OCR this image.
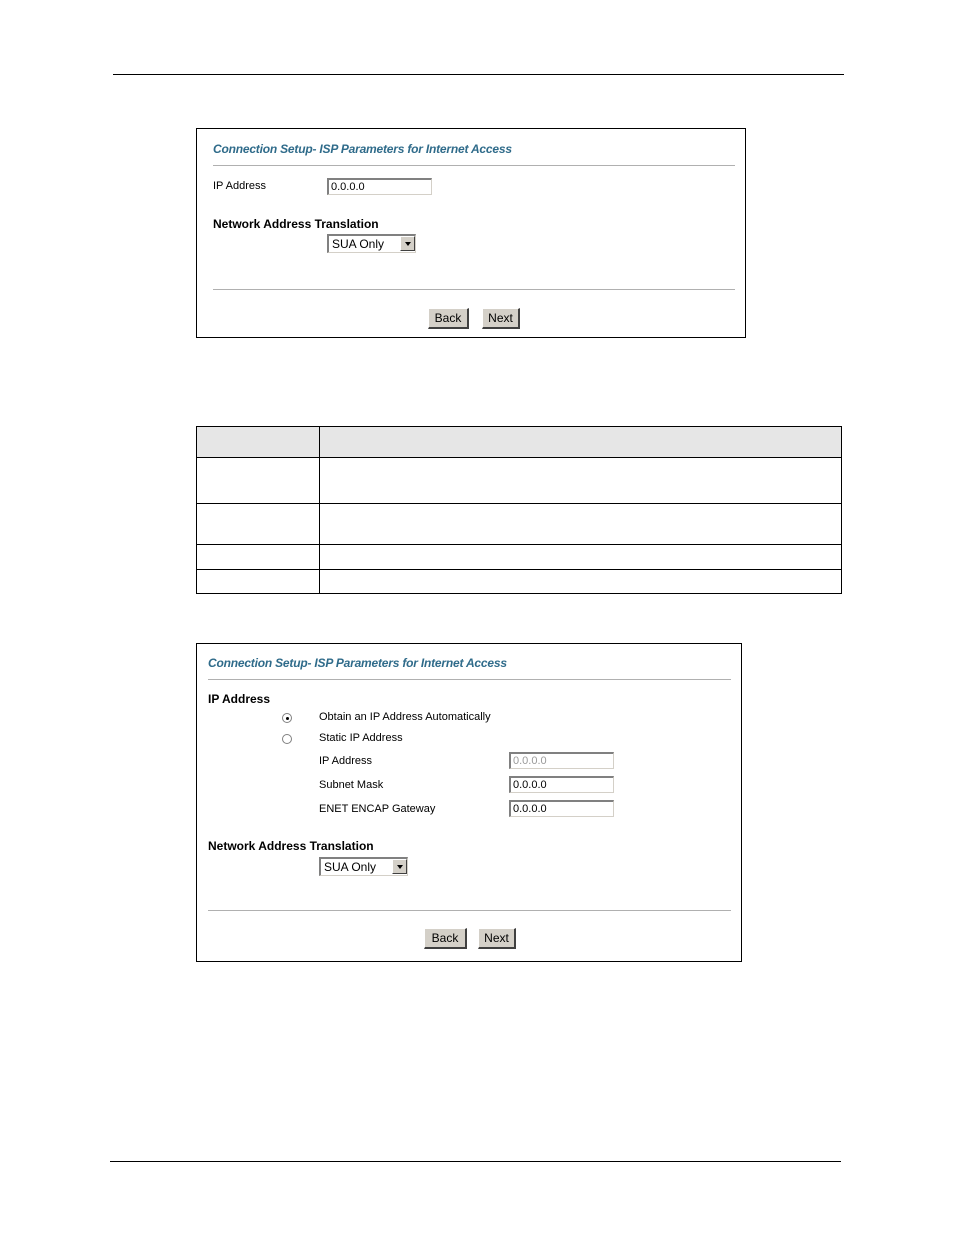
Connection Setup- ISP Parameters for Internet Access
IP Address	0.0.0.0
Network Address Translation
SUA Only
Back	Next

Connection Setup- ISP Parameters for Internet Access
IP Address
Obtain an IP Address Automatically
Static IP Address
IP Address	0.0.0.0
Subnet Mask	0.0.0.0
ENET ENCAP Gateway	0.0.0.0
Network Address Translation
SUA Only
Back	Next
